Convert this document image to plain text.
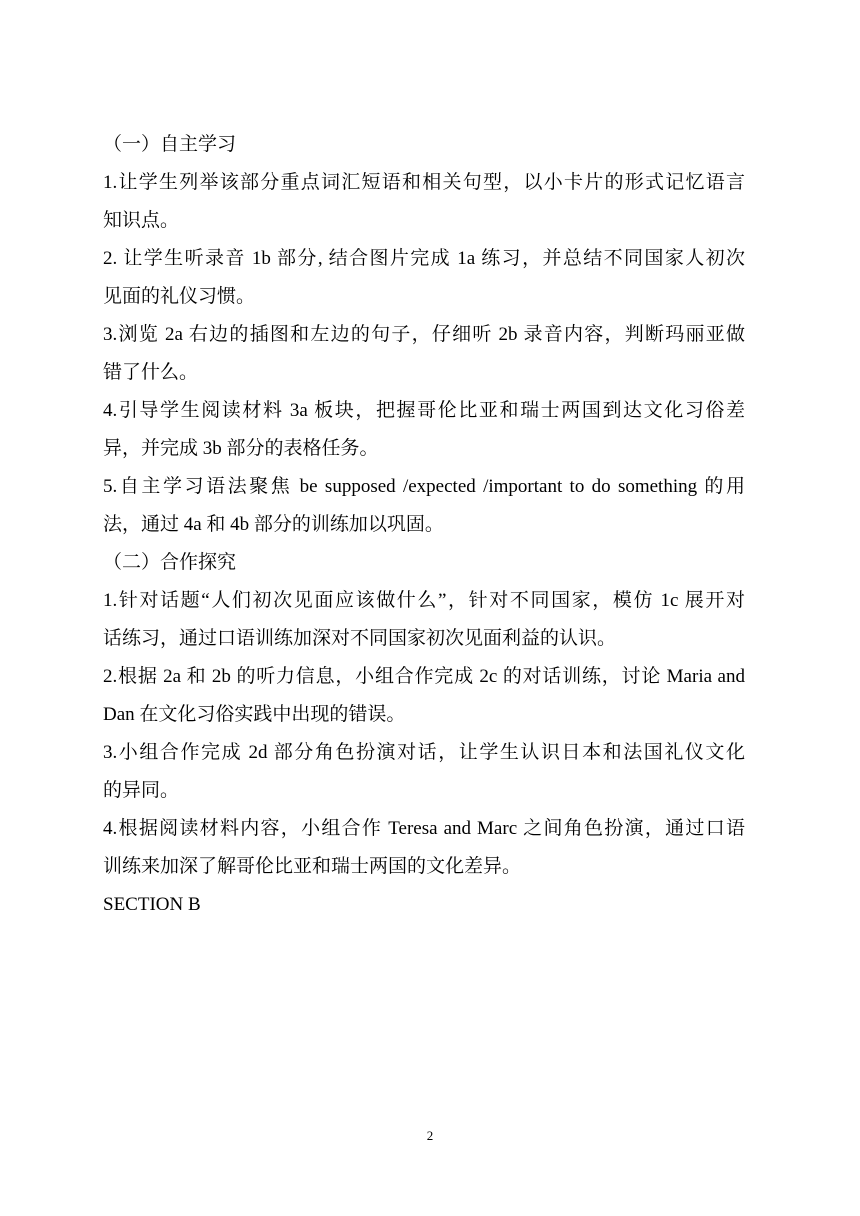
（一）自主学习
1.让学生列举该部分重点词汇短语和相关句型，以小卡片的形式记忆语言
知识点。
2. 让学生听录音 1b 部分, 结合图片完成 1a 练习，并总结不同国家人初次
见面的礼仪习惯。
3.浏览 2a 右边的插图和左边的句子，仔细听 2b 录音内容，判断玛丽亚做
错了什么。
4.引导学生阅读材料 3a 板块，把握哥伦比亚和瑞士两国到达文化习俗差
异，并完成 3b 部分的表格任务。
5.自主学习语法聚焦 be supposed /expected /important to do something 的用
法，通过 4a 和 4b 部分的训练加以巩固。
（二）合作探究
1.针对话题“人们初次见面应该做什么”，针对不同国家，模仿 1c 展开对
话练习，通过口语训练加深对不同国家初次见面利益的认识。
2.根据 2a 和 2b 的听力信息，小组合作完成 2c 的对话训练，讨论 Maria and
Dan 在文化习俗实践中出现的错误。
3.小组合作完成 2d 部分角色扮演对话，让学生认识日本和法国礼仪文化
的异同。
4.根据阅读材料内容，小组合作 Teresa and Marc 之间角色扮演，通过口语
训练来加深了解哥伦比亚和瑞士两国的文化差异。
SECTION B
2
